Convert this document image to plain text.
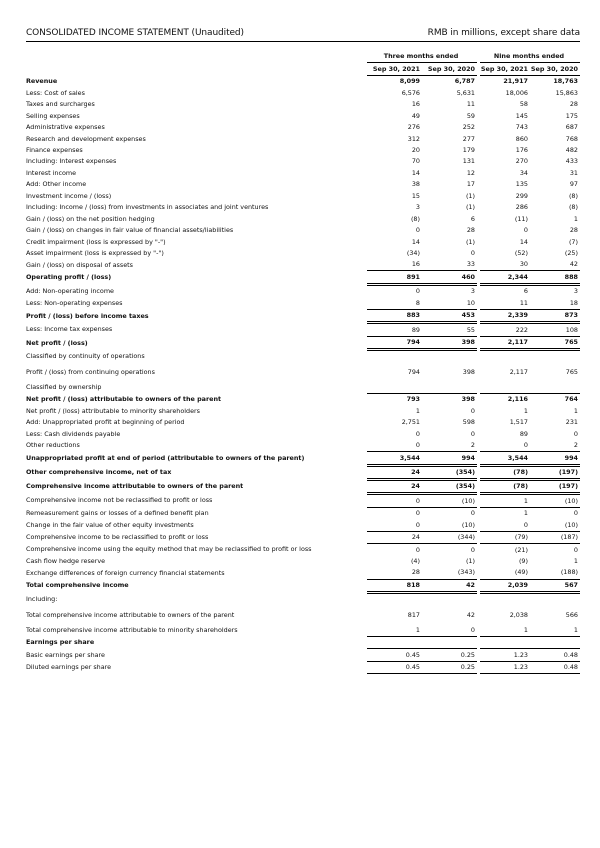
CONSOLIDATED INCOME STATEMENT (Unaudited)	RMB in millions, except share data
	Three months ended			Nine months ended	
	Sep 30, 2021	Sep 30, 2020		Sep 30, 2021	Sep 30, 2020
Revenue	8,099	6,787		21,917	18,763
Less: Cost of sales	6,576	5,631		18,006	15,863
Taxes and surcharges	16	11		58	28
Selling expenses	49	59		145	175
Administrative expenses	276	252		743	687
Research and development expenses	312	277		860	768
Finance expenses	20	179		176	482
Including: Interest expenses	70	131		270	433
Interest income	14	12		34	31
Add: Other income	38	17		135	97
Investment income / (loss)	15	(1)		299	(8)
Including: Income / (loss) from investments in associates and joint ventures	3	(1)		286	(8)
Gain / (loss) on the net position hedging	(8)	6		(11)	1
Gain / (loss) on changes in fair value of financial assets/liabilities	0	28		0	28
Credit impairment (loss is expressed by "-")	14	(1)		14	(7)
Asset impairment (loss is expressed by "-")	(34)	0		(52)	(25)
Gain / (loss) on disposal of assets	16	33		30	42
Operating profit / (loss)	891	460		2,344	888
Add: Non-operating income	0	3		6	3
Less: Non-operating expenses	8	10		11	18
Profit / (loss) before income taxes	883	453		2,339	873
Less: Income tax expenses	89	55		222	108
Net profit / (loss)	794	398		2,117	765
Classified by continuity of operations					
Profit / (loss) from continuing operations	794	398		2,117	765
Classified by ownership					
Net profit / (loss) attributable to owners of the parent	793	398		2,116	764
Net profit / (loss) attributable to minority shareholders	1	0		1	1
Add: Unappropriated profit at beginning of period	2,751	598		1,517	231
Less: Cash dividends payable	0	0		89	0
Other reductions	0	2		0	2
Unappropriated profit at end of period (attributable to owners of the parent)	3,544	994		3,544	994
Other comprehensive income, net of tax	24	(354)		(78)	(197)
Comprehensive income attributable to owners of the parent	24	(354)		(78)	(197)
Comprehensive income not be reclassified to profit or loss	0	(10)		1	(10)
Remeasurement gains or losses of a defined benefit plan	0	0		1	0
Change in the fair value of other equity investments	0	(10)		0	(10)
Comprehensive income to be reclassified to profit or loss	24	(344)		(79)	(187)
Comprehensive income using the equity method that may be reclassified to profit or loss	0	0		(21)	0
Cash flow hedge reserve	(4)	(1)		(9)	1
Exchange differences of foreign currency financial statements	28	(343)		(49)	(188)
Total comprehensive income	818	42		2,039	567
Including:					
Total comprehensive income attributable to owners of the parent	817	42		2,038	566
Total comprehensive income attributable to minority shareholders	1	0		1	1
Earnings per share					
Basic earnings per share	0.45	0.25		1.23	0.48
Diluted earnings per share	0.45	0.25		1.23	0.48
